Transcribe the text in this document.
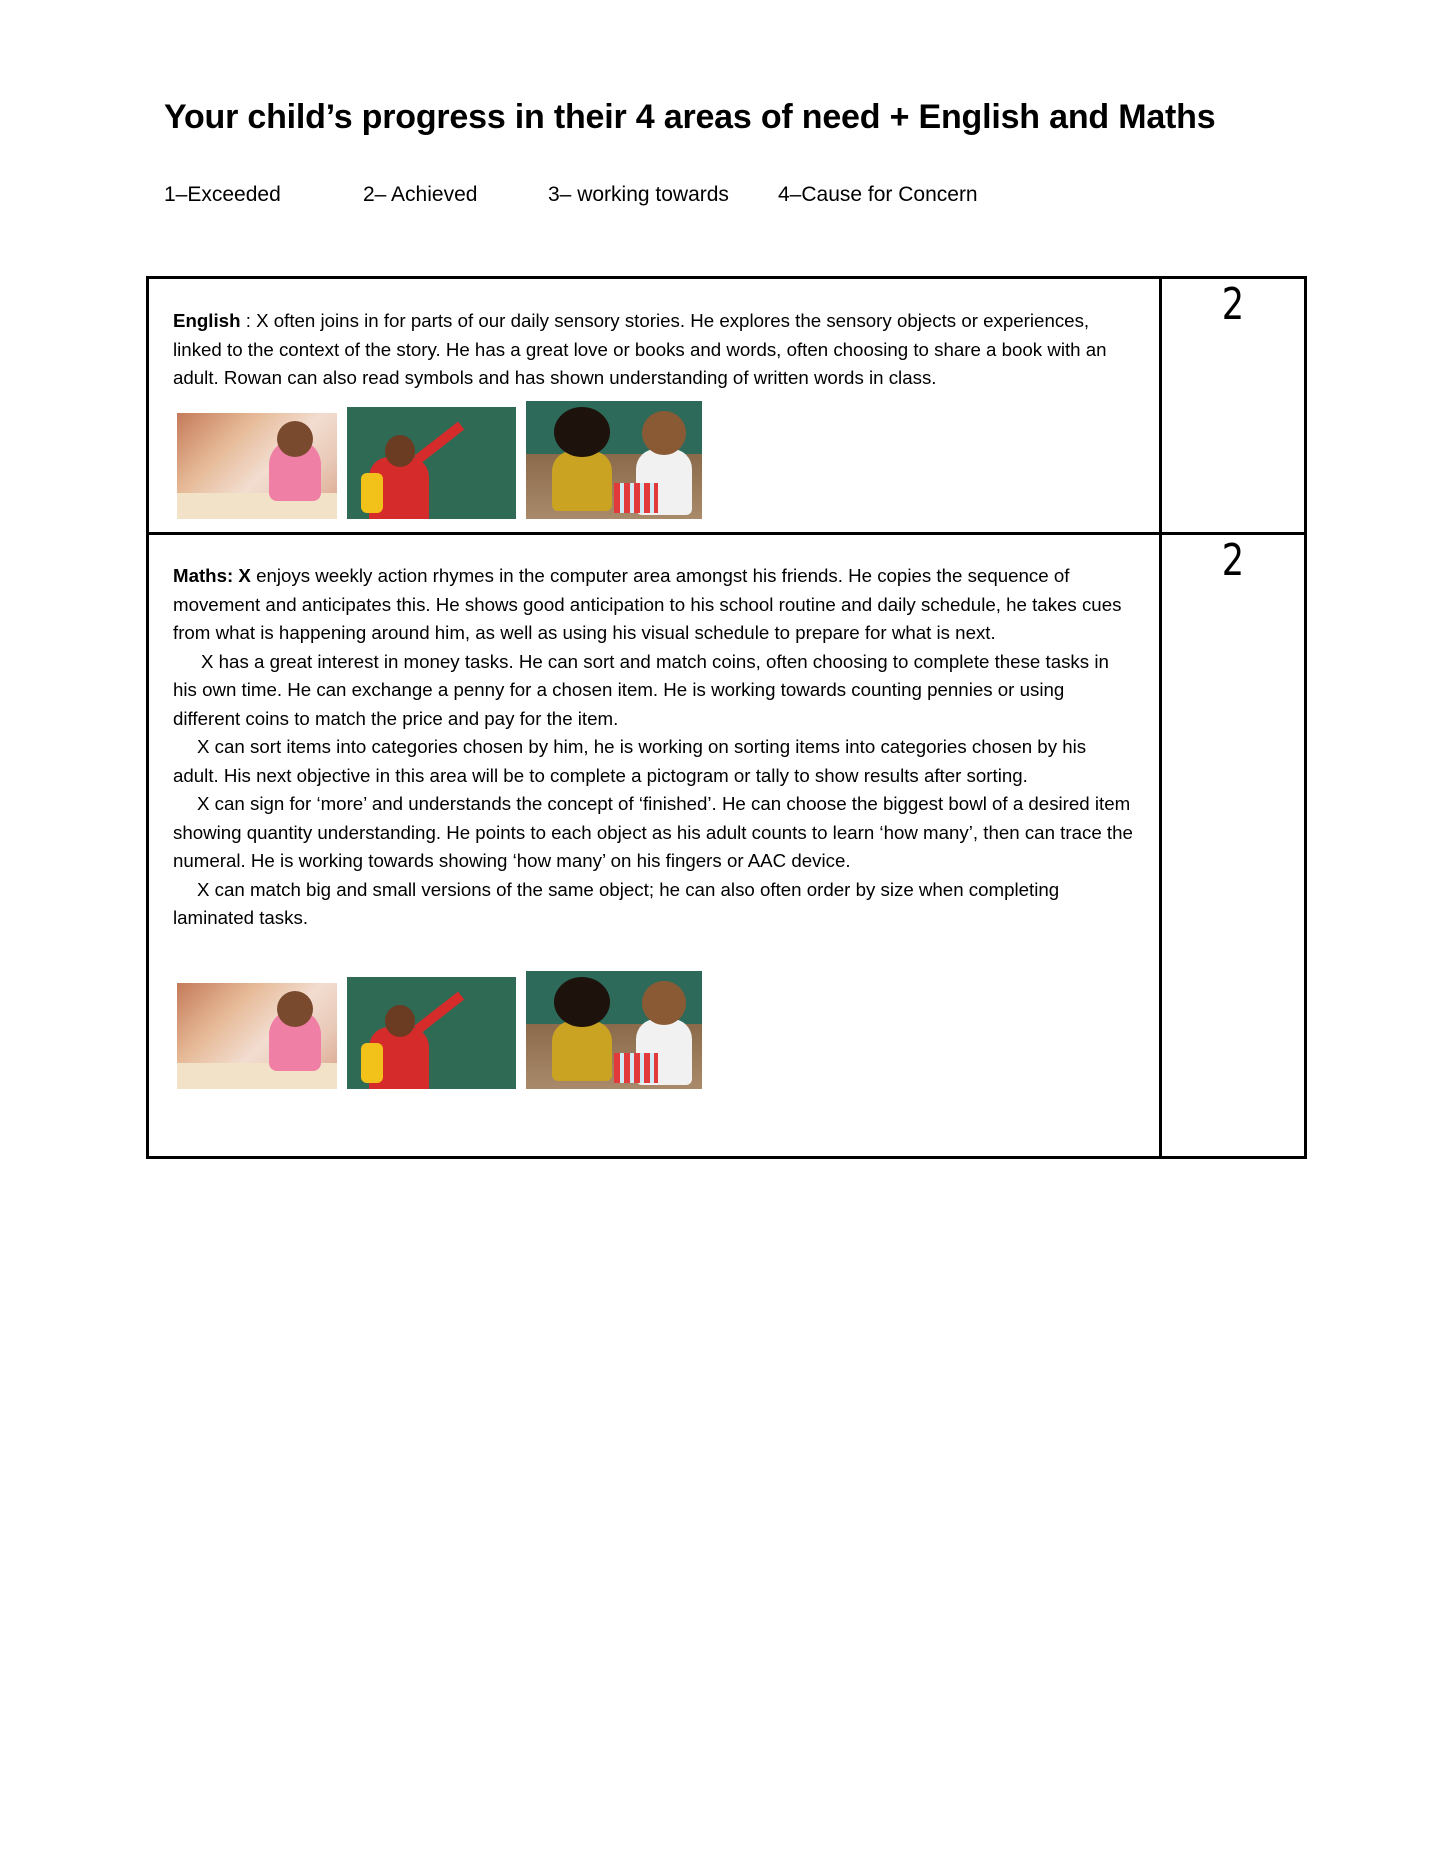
Your child’s progress in their 4 areas of need + English and Maths
1–Exceeded	2– Achieved	3– working towards 4–Cause for Concern

English : X often joins in for parts of our daily sensory stories. He explores the sensory objects or experiences, linked to the context of the story. He has a great love or books and words, often choosing to share a book with an adult. Rowan can also read symbols and has shown understanding of written words in class.	2

Maths: X enjoys weekly action rhymes in the computer area amongst his friends. He copies the sequence of movement and anticipates this. He shows good anticipation to his school routine and daily schedule, he takes cues from what is happening around him, as well as using his visual schedule to prepare for what is next.

X has a great interest in money tasks. He can sort and match coins, often choosing to complete these tasks in his own time. He can exchange a penny for a chosen item. He is working towards counting pennies or using different coins to match the price and pay for the item.

X can sort items into categories chosen by him, he is working on sorting items into categories chosen by his adult. His next objective in this area will be to complete a pictogram or tally to show results after sorting.

X can sign for ‘more’ and understands the concept of ‘finished’. He can choose the biggest bowl of a desired item showing quantity understanding. He points to each object as his adult counts to learn ‘how many’, then can trace the numeral. He is working towards showing ‘how many’ on his fingers or AAC device.

X can match big and small versions of the same object; he can also often order by size when completing laminated tasks.	2
